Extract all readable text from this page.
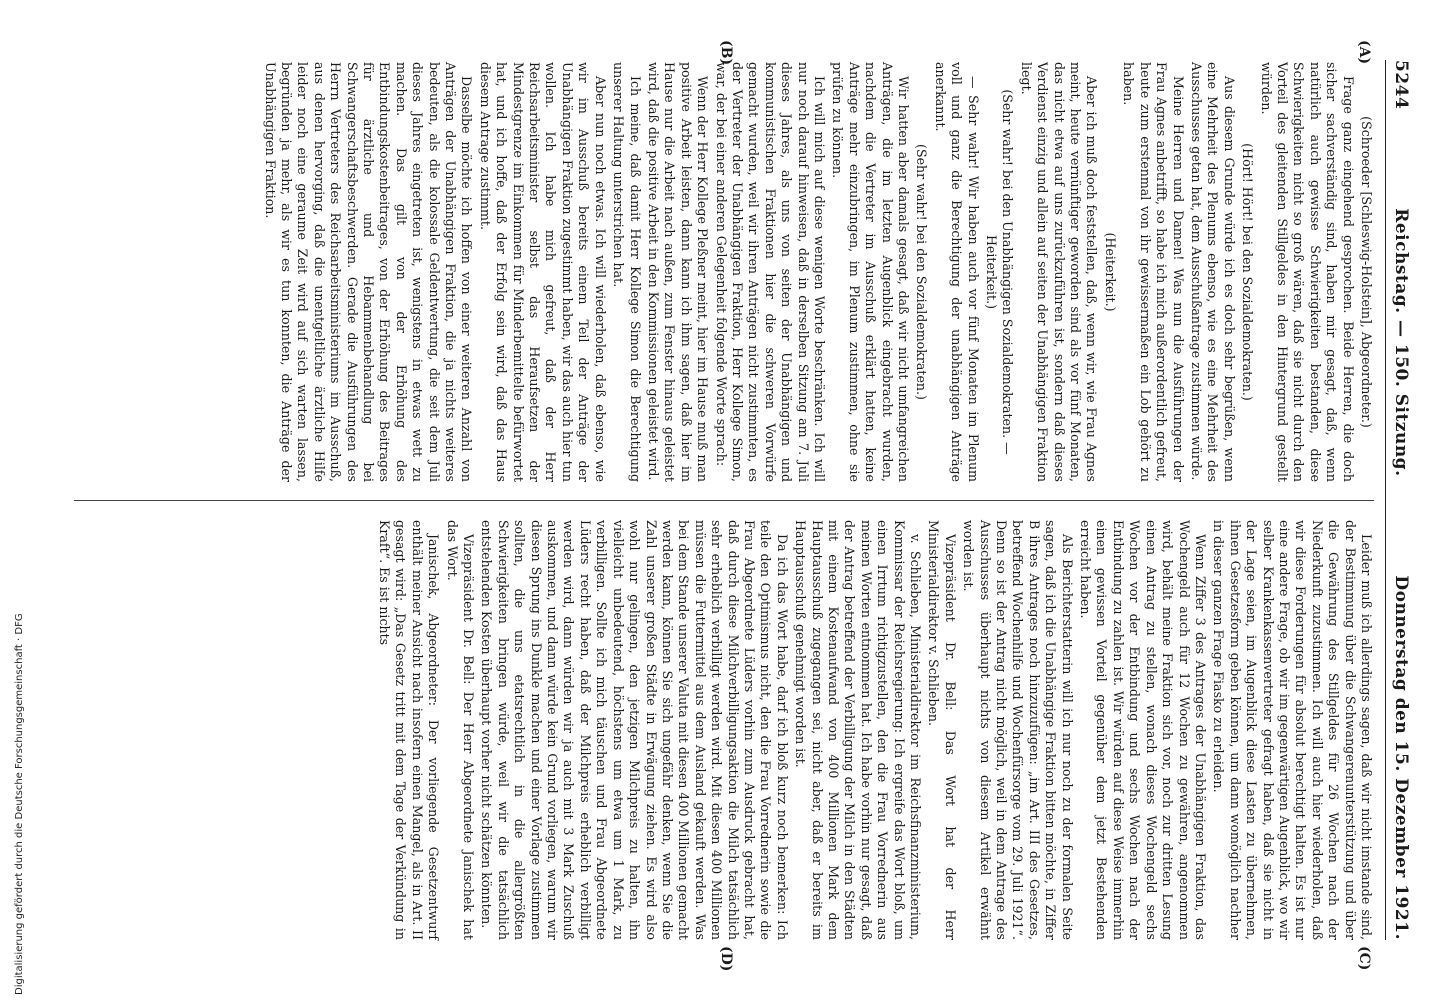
5244
Reichstag. — 150. Sitzung.
Donnerstag den 15. Dezember 1921.
(A)
(B)
(C)
(D)

(Schroeder [Schleswig-Holstein], Abgeordneter.)

Frage ganz eingehend gesprochen. Beide Herren, die doch sicher sachverständig sind, haben mir gesagt, daß, wenn natürlich auch gewisse Schwierigkeiten bestanden, diese Schwierigkeiten nicht so groß wären, daß sie nicht durch den Vorteil des gleitenden Stillgeldes in den Hintergrund gestellt würden.

(Hört! Hört! bei den Sozialdemokraten.)

Aus diesem Grunde würde ich es doch sehr begrüßen, wenn eine Mehrheit des Plenums ebenso, wie es eine Mehrheit des Ausschusses getan hat, dem Ausschußantrage zustimmen würde.

Meine Herren und Damen! Was nun die Ausführungen der Frau Agnes anbetrifft, so habe ich mich außerordentlich gefreut, heute zum erstenmal von ihr gewissermaßen ein Lob gehört zu haben.

(Heiterkeit.)

Aber ich muß doch feststellen, daß, wenn wir, wie Frau Agnes meint, heute vernünftiger geworden sind als vor fünf Monaten, das nicht etwa auf uns zurückzuführen ist, sondern daß dieses Verdienst einzig und allein auf seiten der Unabhängigen Fraktion liegt.

(Sehr wahr! bei den Unabhängigen Sozialdemokraten. — Heiterkeit.)

— Sehr wahr! Wir haben auch vor fünf Monaten im Plenum voll und ganz die Berechtigung der unabhängigen Anträge anerkannt.

(Sehr wahr! bei den Sozialdemokraten.)

Wir hatten aber damals gesagt, daß wir nicht umfangreichen Anträgen, die im letzten Augenblick eingebracht wurden, nachdem die Vertreter im Ausschuß erklärt hatten, keine Anträge mehr einzubringen, im Plenum zustimmen, ohne sie prüfen zu können.

Ich will mich auf diese wenigen Worte beschränken. Ich will nur noch darauf hinweisen, daß in derselben Sitzung am 7. Juli dieses Jahres, als uns von seiten der Unabhängigen und kommunistischen Fraktionen hier die schweren Vorwürfe gemacht wurden, weil wir ihren Anträgen nicht zustimmten, es der Vertreter der Unabhängigen Fraktion, Herr Kollege Simon, war, der bei einer anderen Gelegenheit folgende Worte sprach:

Wenn der Herr Kollege Pleßner meint, hier im Hause muß man positive Arbeit leisten, dann kann ich ihm sagen, daß hier im Hause nur die Arbeit nach außen, zum Fenster hinaus geleistet wird, daß die positive Arbeit in den Kommissionen geleistet wird.

Ich meine, daß damit Herr Kollege Simon die Berechtigung unserer Haltung unterstrichen hat.

Aber nun noch etwas. Ich will wiederholen, daß ebenso, wie wir im Ausschuß bereits einem Teil der Anträge der Unabhängigen Fraktion zugestimmt haben, wir das auch hier tun wollen. Ich habe mich gefreut, daß der Herr Reichsarbeitsminister selbst das Heraufsetzen der Mindestgrenze im Einkommen für Minderbemittelte befürwortet hat, und ich hoffe, daß der Erfolg sein wird, daß das Haus diesem Antrage zustimmt.

Dasselbe möchte ich hoffen von einer weiteren Anzahl von Anträgen der Unabhängigen Fraktion, die ja nichts weiteres bedeuten, als die kolossale Geldentwertung, die seit dem Juli dieses Jahres eingetreten ist, wenigstens in etwas wett zu machen. Das gilt von der Erhöhung des Entbindungskostenbeitrages, von der Erhöhung des Beitrages für ärztliche und Hebammenbehandlung bei Schwangerschaftsbeschwerden. Gerade die Ausführungen des Herrn Vertreters des Reichsarbeitsministeriums im Ausschuß, aus denen hervorging, daß die unentgeltliche ärztliche Hilfe leider noch eine geraume Zeit wird auf sich warten lassen, begründen ja mehr, als wir es tun konnten, die Anträge der Unabhängigen Fraktion.

Leider muß ich allerdings sagen, daß wir nicht imstande sind, der Bestimmung über die Schwangerenunterstützung und über die Gewährung des Stillgeldes für 26 Wochen nach der Niederkunft zuzustimmen. Ich will auch hier wiederholen, daß wir diese Forderungen für absolut berechtigt halten. Es ist nur eine andere Frage, ob wir im gegenwärtigen Augenblick, wo wir selber Krankenkassenvertreter gefragt haben, daß sie nicht in der Lage seien, im Augenblick diese Lasten zu übernehmen, ihnen Gesetzesform geben können, um dann womöglich nachher in dieser ganzen Frage Fiasko zu erleiden.

Wenn Ziffer 3 des Antrages der Unabhängigen Fraktion, das Wochengeld auch für 12 Wochen zu gewähren, angenommen wird, behält meine Fraktion sich vor, noch zur dritten Lesung einen Antrag zu stellen, wonach dieses Wochengeld sechs Wochen vor der Entbindung und sechs Wochen nach der Entbindung zu zahlen ist. Wir würden auf diese Weise immerhin einen gewissen Vorteil gegenüber dem jetzt Bestehenden erreicht haben.

Als Berichterstatterin will ich nur noch zu der formalen Seite sagen, daß ich die Unabhängige Fraktion bitten möchte, in Ziffer B ihres Antrages noch hinzuzufügen: „im Art. III des Gesetzes, betreffend Wochenhilfe und Wochenfürsorge vom 29. Juli 1921“. Denn so ist der Antrag nicht möglich, weil in dem Antrage des Ausschusses überhaupt nichts von diesem Artikel erwähnt worden ist.

Vizepräsident Dr. Bell: Das Wort hat der Herr Ministerialdirektor v. Schlieben.

v. Schlieben, Ministerialdirektor im Reichsfinanzministerium, Kommissar der Reichsregierung: Ich ergreife das Wort bloß, um einen Irrtum richtigzustellen, den die Frau Vorrednerin aus meinen Worten entnommen hat. Ich habe vorhin nur gesagt, daß der Antrag betreffend der Verbilligung der Milch in den Städten mit einem Kostenaufwand von 400 Millionen Mark dem Hauptausschuß zugegangen sei, nicht aber, daß er bereits im Hauptausschuß genehmigt worden ist.

Da ich das Wort habe, darf ich bloß kurz noch bemerken: Ich teile den Optimismus nicht, den die Frau Vorrednerin sowie die Frau Abgeordnete Lüders vorhin zum Ausdruck gebracht hat, daß durch diese Milchverbilligungsaktion die Milch tatsächlich sehr erheblich verbilligt werden wird. Mit diesen 400 Millionen müssen die Futtermittel aus dem Ausland gekauft werden. Was bei dem Stande unserer Valuta mit diesen 400 Millionen gemacht werden kann, können Sie sich ungefähr denken, wenn Sie die Zahl unserer großen Städte in Erwägung ziehen. Es wird also wohl nur gelingen, den jetzigen Milchpreis zu halten, ihn vielleicht unbedeutend, höchstens um etwa um 1 Mark, zu verbilligen. Sollte ich mich täuschen und Frau Abgeordnete Lüders recht haben, daß der Milchpreis erheblich verbilligt werden wird, dann würden wir ja auch mit 3 Mark Zuschuß auskommen, und dann würde kein Grund vorliegen, warum wir diesen Sprung ins Dunkle machen und einer Vorlage zustimmen sollten, die uns etatsrechtlich in die allergrößten Schwierigkeiten bringen würde, weil wir die tatsächlich entstehenden Kosten überhaupt vorher nicht schätzen könnten.

Vizepräsident Dr. Bell: Der Herr Abgeordnete Janischek hat das Wort.

Janischek, Abgeordneter: Der vorliegende Gesetzentwurf enthält meiner Ansicht nach insofern einen Mangel, als in Art. II gesagt wird: „Das Gesetz tritt mit dem Tage der Verkündung in Kraft“. Es ist nichts

Digitalisierung gefördert durch die Deutsche Forschungsgemeinschaft · DFG
